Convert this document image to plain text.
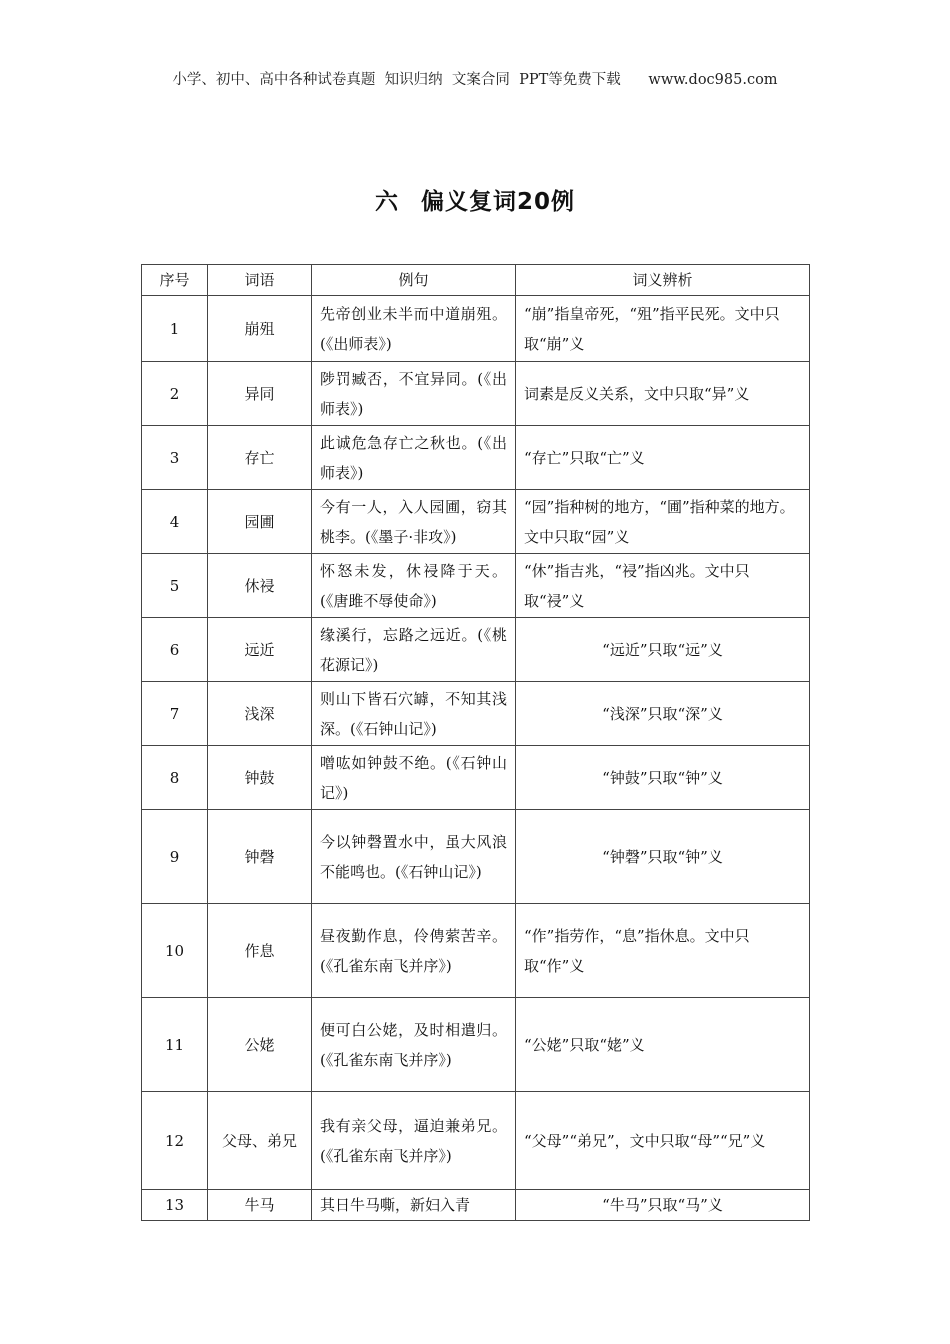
小学、初中、高中各种试卷真题  知识归纳  文案合同  PPT等免费下载      www.doc985.com
六 偏义复词20例
序号	词语	例句	词义辨析
1	崩殂	先帝创业未半而中道崩殂。(《出师表》)	“崩”指皇帝死，“殂”指平民死。文中只取“崩”义
2	异同	陟罚臧否，不宜异同。(《出师表》)	词素是反义关系，文中只取“异”义
3	存亡	此诚危急存亡之秋也。(《出师表》)	“存亡”只取“亡”义
4	园圃	今有一人，入人园圃，窃其桃李。(《墨子·非攻》)	“园”指种树的地方，“圃”指种菜的地方。文中只取“园”义
5	休祲	怀怒未发，休祲降于天。(《唐雎不辱使命》)	“休”指吉兆，“祲”指凶兆。文中只取“祲”义
6	远近	缘溪行，忘路之远近。(《桃花源记》)	“远近”只取“远”义
7	浅深	则山下皆石穴罅，不知其浅深。(《石钟山记》)	“浅深”只取“深”义
8	钟鼓	噌吰如钟鼓不绝。(《石钟山记》)	“钟鼓”只取“钟”义
9	钟磬	今以钟磬置水中，虽大风浪不能鸣也。(《石钟山记》)	“钟磬”只取“钟”义
10	作息	昼夜勤作息，伶俜萦苦辛。(《孔雀东南飞并序》)	“作”指劳作，“息”指休息。文中只取“作”义
11	公姥	便可白公姥，及时相遣归。(《孔雀东南飞并序》)	“公姥”只取“姥”义
12	父母、弟兄	我有亲父母，逼迫兼弟兄。(《孔雀东南飞并序》)	“父母”“弟兄”，文中只取“母”“兄”义
13	牛马	其日牛马嘶，新妇入青	“牛马”只取“马”义
